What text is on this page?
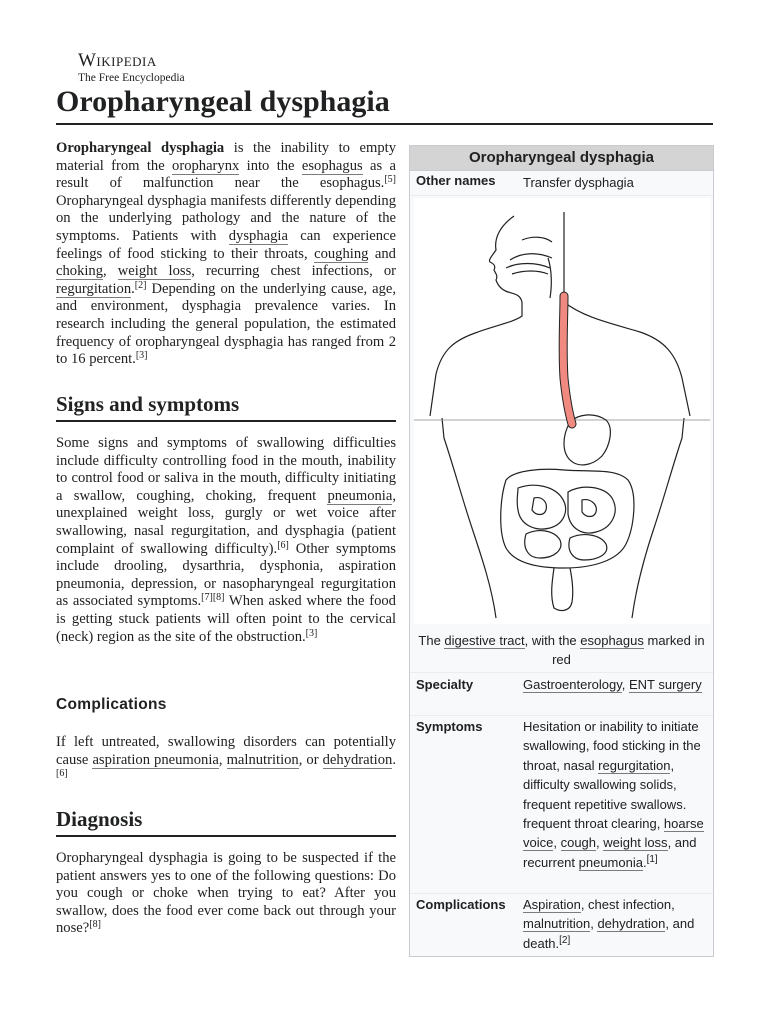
Wikipedia
The Free Encyclopedia
Oropharyngeal dysphagia

Oropharyngeal dysphagia is the inability to empty material from the oropharynx into the esophagus as a result of malfunction near the esophagus.[5] Oropharyngeal dysphagia manifests differently depending on the underlying pathology and the nature of the symptoms. Patients with dysphagia can experience feelings of food sticking to their throats, coughing and choking, weight loss, recurring chest infections, or regurgitation.[2] Depending on the underlying cause, age, and environment, dysphagia prevalence varies. In research including the general population, the estimated frequency of oropharyngeal dysphagia has ranged from 2 to 16 percent.[3]

Signs and symptoms

Some signs and symptoms of swallowing difficulties include difficulty controlling food in the mouth, inability to control food or saliva in the mouth, difficulty initiating a swallow, coughing, choking, frequent pneumonia, unexplained weight loss, gurgly or wet voice after swallowing, nasal regurgitation, and dysphagia (patient complaint of swallowing difficulty).[6] Other symptoms include drooling, dysarthria, dysphonia, aspiration pneumonia, depression, or nasopharyngeal regurgitation as associated symptoms.[7][8] When asked where the food is getting stuck patients will often point to the cervical (neck) region as the site of the obstruction.[3]

Complications

If left untreated, swallowing disorders can potentially cause aspiration pneumonia, malnutrition, or dehydration.[6]

Diagnosis

Oropharyngeal dysphagia is going to be suspected if the patient answers yes to one of the following questions: Do you cough or choke when trying to eat? After you swallow, does the food ever come back out through your nose?[8]

Oropharyngeal dysphagia
Other names Transfer dysphagia
The digestive tract, with the esophagus marked in red
Specialty	Gastroenterology, ENT surgery
Symptoms	Hesitation or inability to initiate swallowing, food sticking in the throat, nasal regurgitation, difficulty swallowing solids, frequent repetitive swallows. frequent throat clearing, hoarse voice, cough, weight loss, and recurrent pneumonia.[1]
Complications Aspiration, chest infection, malnutrition, dehydration, and death.[2]
